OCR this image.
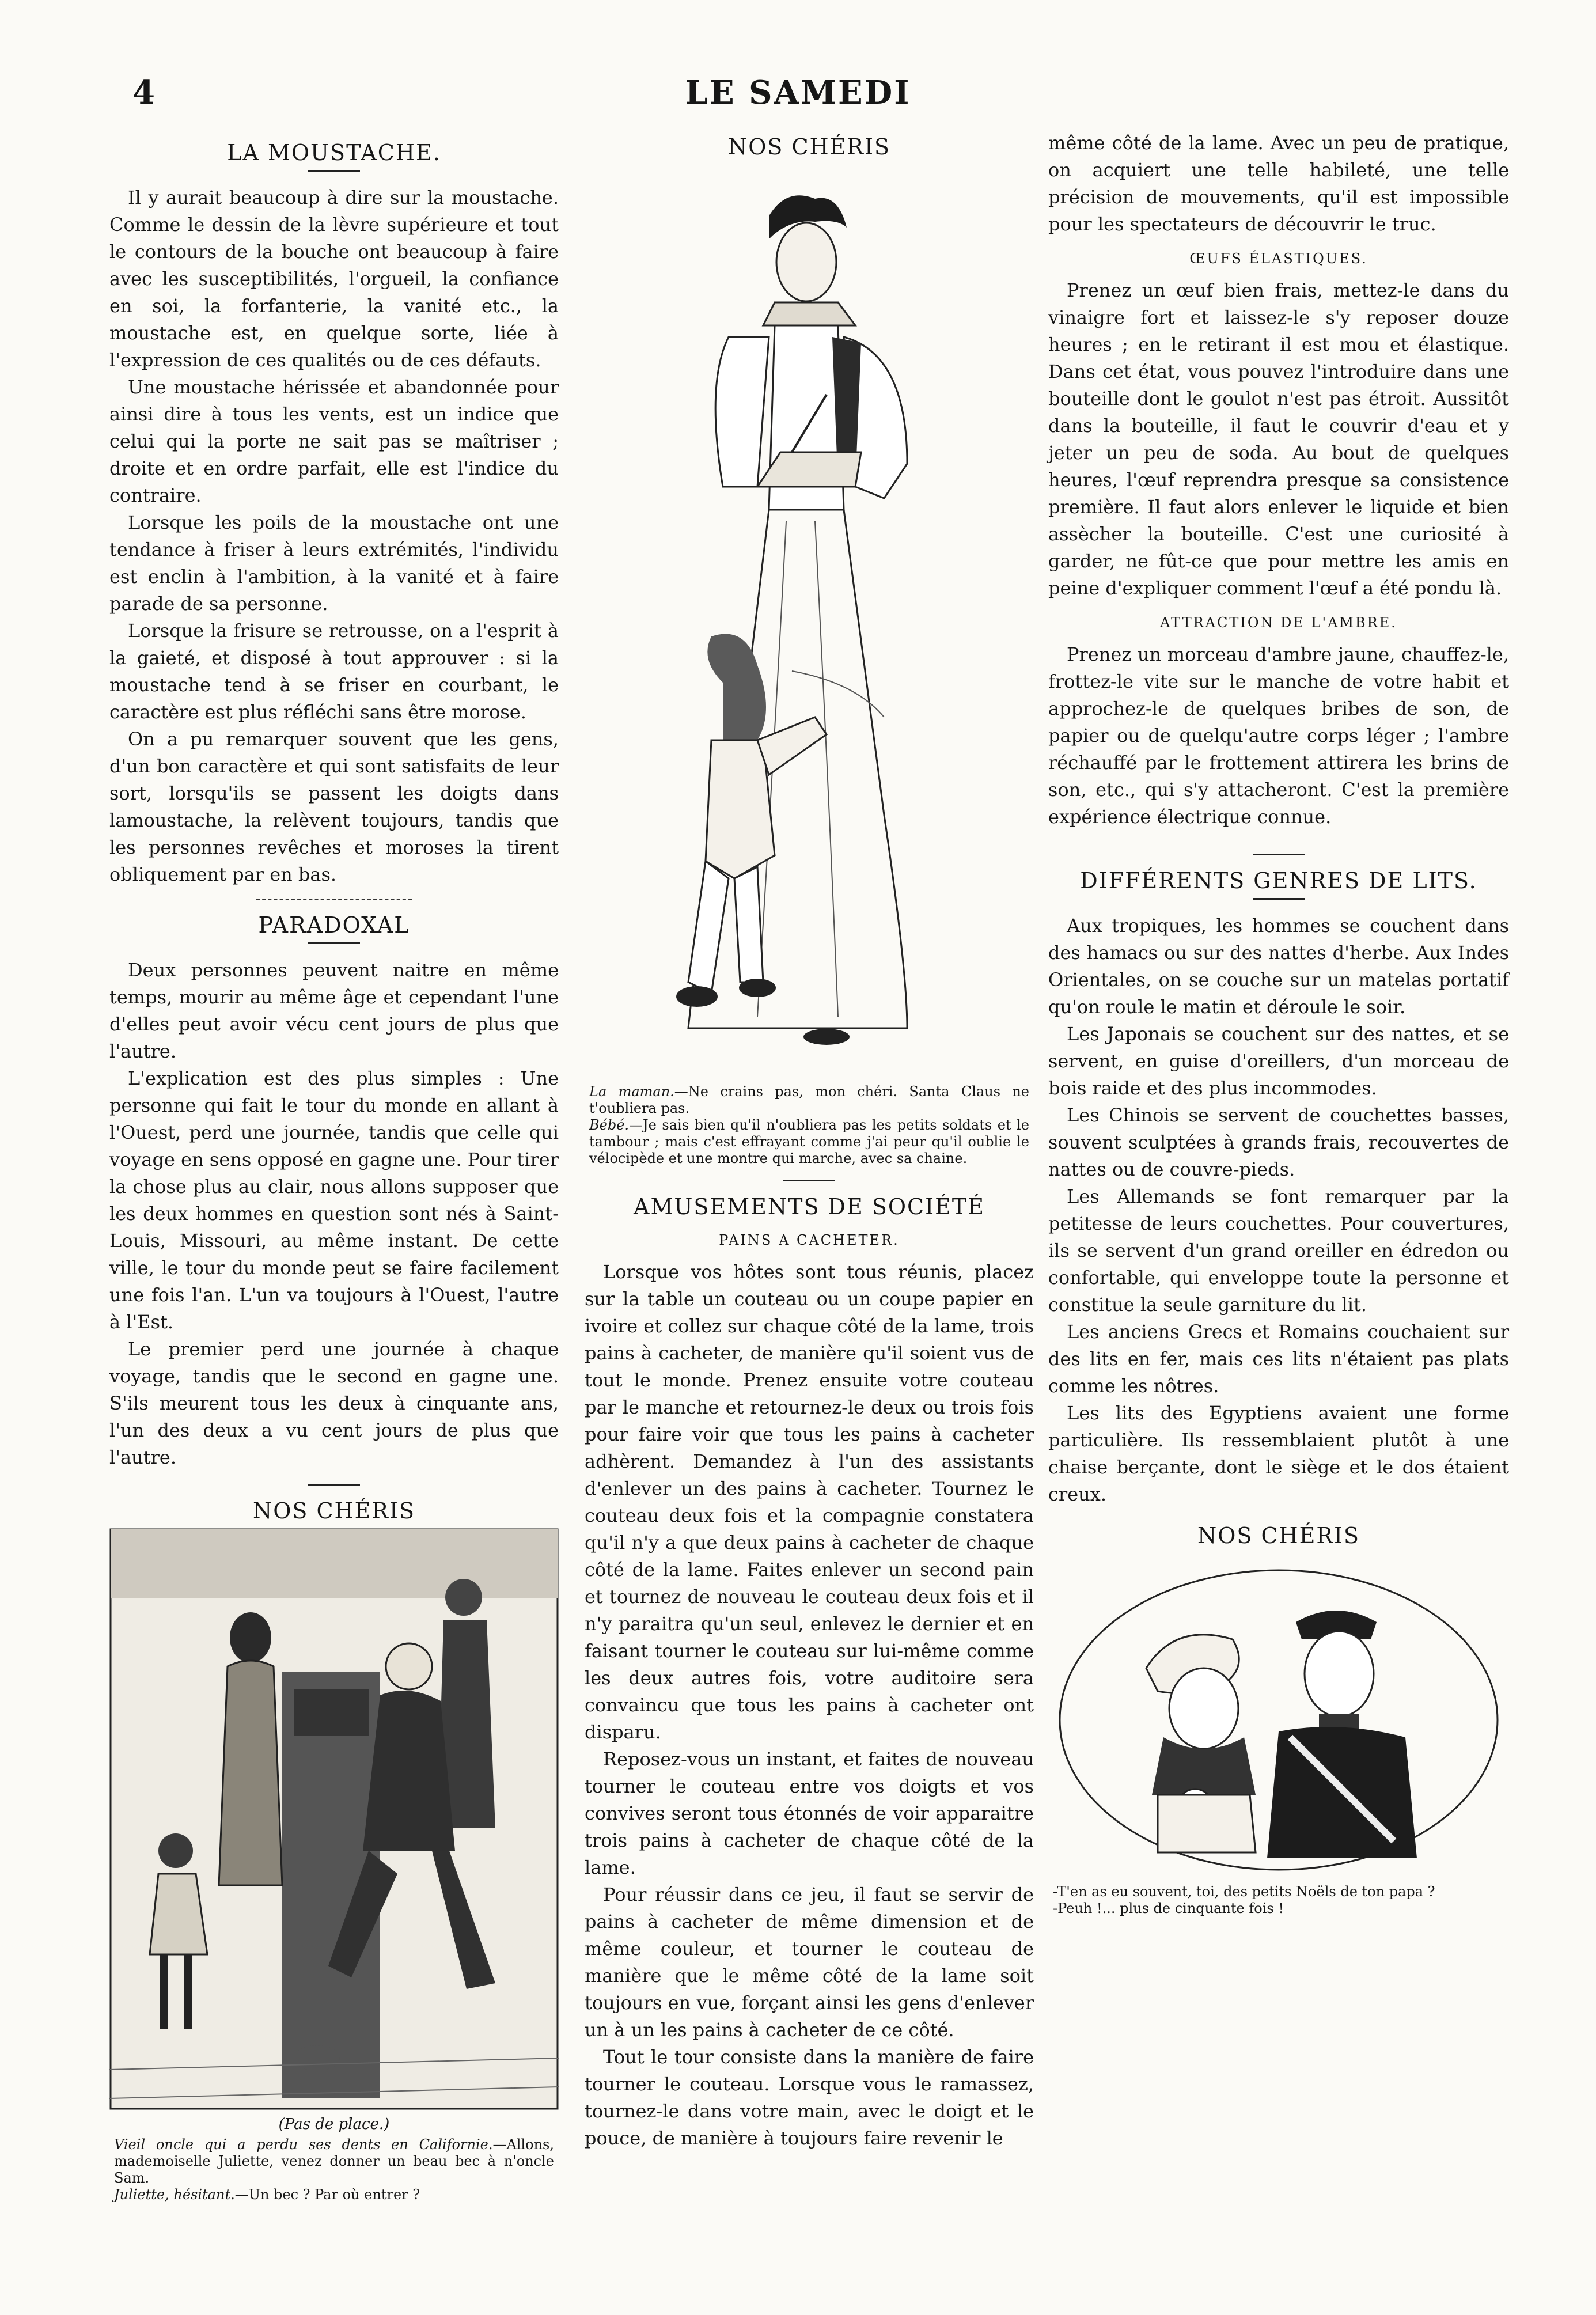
4	LE SAMEDI
LA MOUSTACHE.

Il y aurait beaucoup à dire sur la moustache. Comme le dessin de la lèvre supérieure et tout le contours de la bouche ont beaucoup à faire avec les susceptibilités, l'orgueil, la confiance en soi, la forfanterie, la vanité etc., la moustache est, en quelque sorte, liée à l'expression de ces qualités ou de ces défauts.

Une moustache hérissée et abandonnée pour ainsi dire à tous les vents, est un indice que celui qui la porte ne sait pas se maîtriser ; droite et en ordre parfait, elle est l'indice du contraire.

Lorsque les poils de la moustache ont une tendance à friser à leurs extrémités, l'individu est enclin à l'ambition, à la vanité et à faire parade de sa personne.

Lorsque la frisure se retrousse, on a l'esprit à la gaieté, et disposé à tout approuver : si la moustache tend à se friser en courbant, le caractère est plus réfléchi sans être morose.

On a pu remarquer souvent que les gens, d'un bon caractère et qui sont satisfaits de leur sort, lorsqu'ils se passent les doigts dans lamoustache, la relèvent toujours, tandis que les personnes revêches et moroses la tirent obliquement par en bas.

PARADOXAL

Deux personnes peuvent naitre en même temps, mourir au même âge et cependant l'une d'elles peut avoir vécu cent jours de plus que l'autre.

L'explication est des plus simples : Une personne qui fait le tour du monde en allant à l'Ouest, perd une journée, tandis que celle qui voyage en sens opposé en gagne une. Pour tirer la chose plus au clair, nous allons supposer que les deux hommes en question sont nés à Saint-Louis, Missouri, au même instant. De cette ville, le tour du monde peut se faire facilement une fois l'an. L'un va toujours à l'Ouest, l'autre à l'Est.

Le premier perd une journée à chaque voyage, tandis que le second en gagne une. S'ils meurent tous les deux à cinquante ans, l'un des deux a vu cent jours de plus que l'autre.

NOS CHÉRIS
(Pas de place.)
Vieil oncle qui a perdu ses dents en Californie.—Allons, mademoiselle Juliette, venez donner un beau bec à n'oncle Sam.
Juliette, hésitant.—Un bec ? Par où entrer ?
NOS CHÉRIS
La maman.—Ne crains pas, mon chéri. Santa Claus ne t'oubliera pas.
Bébé.—Je sais bien qu'il n'oubliera pas les petits soldats et le tambour ; mais c'est effrayant comme j'ai peur qu'il oublie le vélocipède et une montre qui marche, avec sa chaine.
AMUSEMENTS DE SOCIÉTÉ
PAINS A CACHETER.

Lorsque vos hôtes sont tous réunis, placez sur la table un couteau ou un coupe papier en ivoire et collez sur chaque côté de la lame, trois pains à cacheter, de manière qu'il soient vus de tout le monde. Prenez ensuite votre couteau par le manche et retournez-le deux ou trois fois pour faire voir que tous les pains à cacheter adhèrent. Demandez à l'un des assistants d'enlever un des pains à cacheter. Tournez le couteau deux fois et la compagnie constatera qu'il n'y a que deux pains à cacheter de chaque côté de la lame. Faites enlever un second pain et tournez de nouveau le couteau deux fois et il n'y paraitra qu'un seul, enlevez le dernier et en faisant tourner le couteau sur lui-même comme les deux autres fois, votre auditoire sera convaincu que tous les pains à cacheter ont disparu.

Reposez-vous un instant, et faites de nouveau tourner le couteau entre vos doigts et vos convives seront tous étonnés de voir apparaitre trois pains à cacheter de chaque côté de la lame.

Pour réussir dans ce jeu, il faut se servir de pains à cacheter de même dimension et de même couleur, et tourner le couteau de manière que le même côté de la lame soit toujours en vue, forçant ainsi les gens d'enlever un à un les pains à cacheter de ce côté.

Tout le tour consiste dans la manière de faire tourner le couteau. Lorsque vous le ramassez, tournez-le dans votre main, avec le doigt et le pouce, de manière à toujours faire revenir le

même côté de la lame. Avec un peu de pratique, on acquiert une telle habileté, une telle précision de mouvements, qu'il est impossible pour les spectateurs de découvrir le truc.

ŒUFS ÉLASTIQUES.

Prenez un œuf bien frais, mettez-le dans du vinaigre fort et laissez-le s'y reposer douze heures ; en le retirant il est mou et élastique. Dans cet état, vous pouvez l'introduire dans une bouteille dont le goulot n'est pas étroit. Aussitôt dans la bouteille, il faut le couvrir d'eau et y jeter un peu de soda. Au bout de quelques heures, l'œuf reprendra presque sa consistence première. Il faut alors enlever le liquide et bien assècher la bouteille. C'est une curiosité à garder, ne fût-ce que pour mettre les amis en peine d'expliquer comment l'œuf a été pondu là.

ATTRACTION DE L'AMBRE.

Prenez un morceau d'ambre jaune, chauffez-le, frottez-le vite sur le manche de votre habit et approchez-le de quelques bribes de son, de papier ou de quelqu'autre corps léger ; l'ambre réchauffé par le frottement attirera les brins de son, etc., qui s'y attacheront. C'est la première expérience électrique connue.

DIFFÉRENTS GENRES DE LITS.

Aux tropiques, les hommes se couchent dans des hamacs ou sur des nattes d'herbe. Aux Indes Orientales, on se couche sur un matelas portatif qu'on roule le matin et déroule le soir.

Les Japonais se couchent sur des nattes, et se servent, en guise d'oreillers, d'un morceau de bois raide et des plus incommodes.

Les Chinois se servent de couchettes basses, souvent sculptées à grands frais, recouvertes de nattes ou de couvre-pieds.

Les Allemands se font remarquer par la petitesse de leurs couchettes. Pour couvertures, ils se servent d'un grand oreiller en édredon ou confortable, qui enveloppe toute la personne et constitue la seule garniture du lit.

Les anciens Grecs et Romains couchaient sur des lits en fer, mais ces lits n'étaient pas plats comme les nôtres.

Les lits des Egyptiens avaient une forme particulière. Ils ressemblaient plutôt à une chaise berçante, dont le siège et le dos étaient creux.

NOS CHÉRIS
-T'en as eu souvent, toi, des petits Noëls de ton papa ?
-Peuh !... plus de cinquante fois !
